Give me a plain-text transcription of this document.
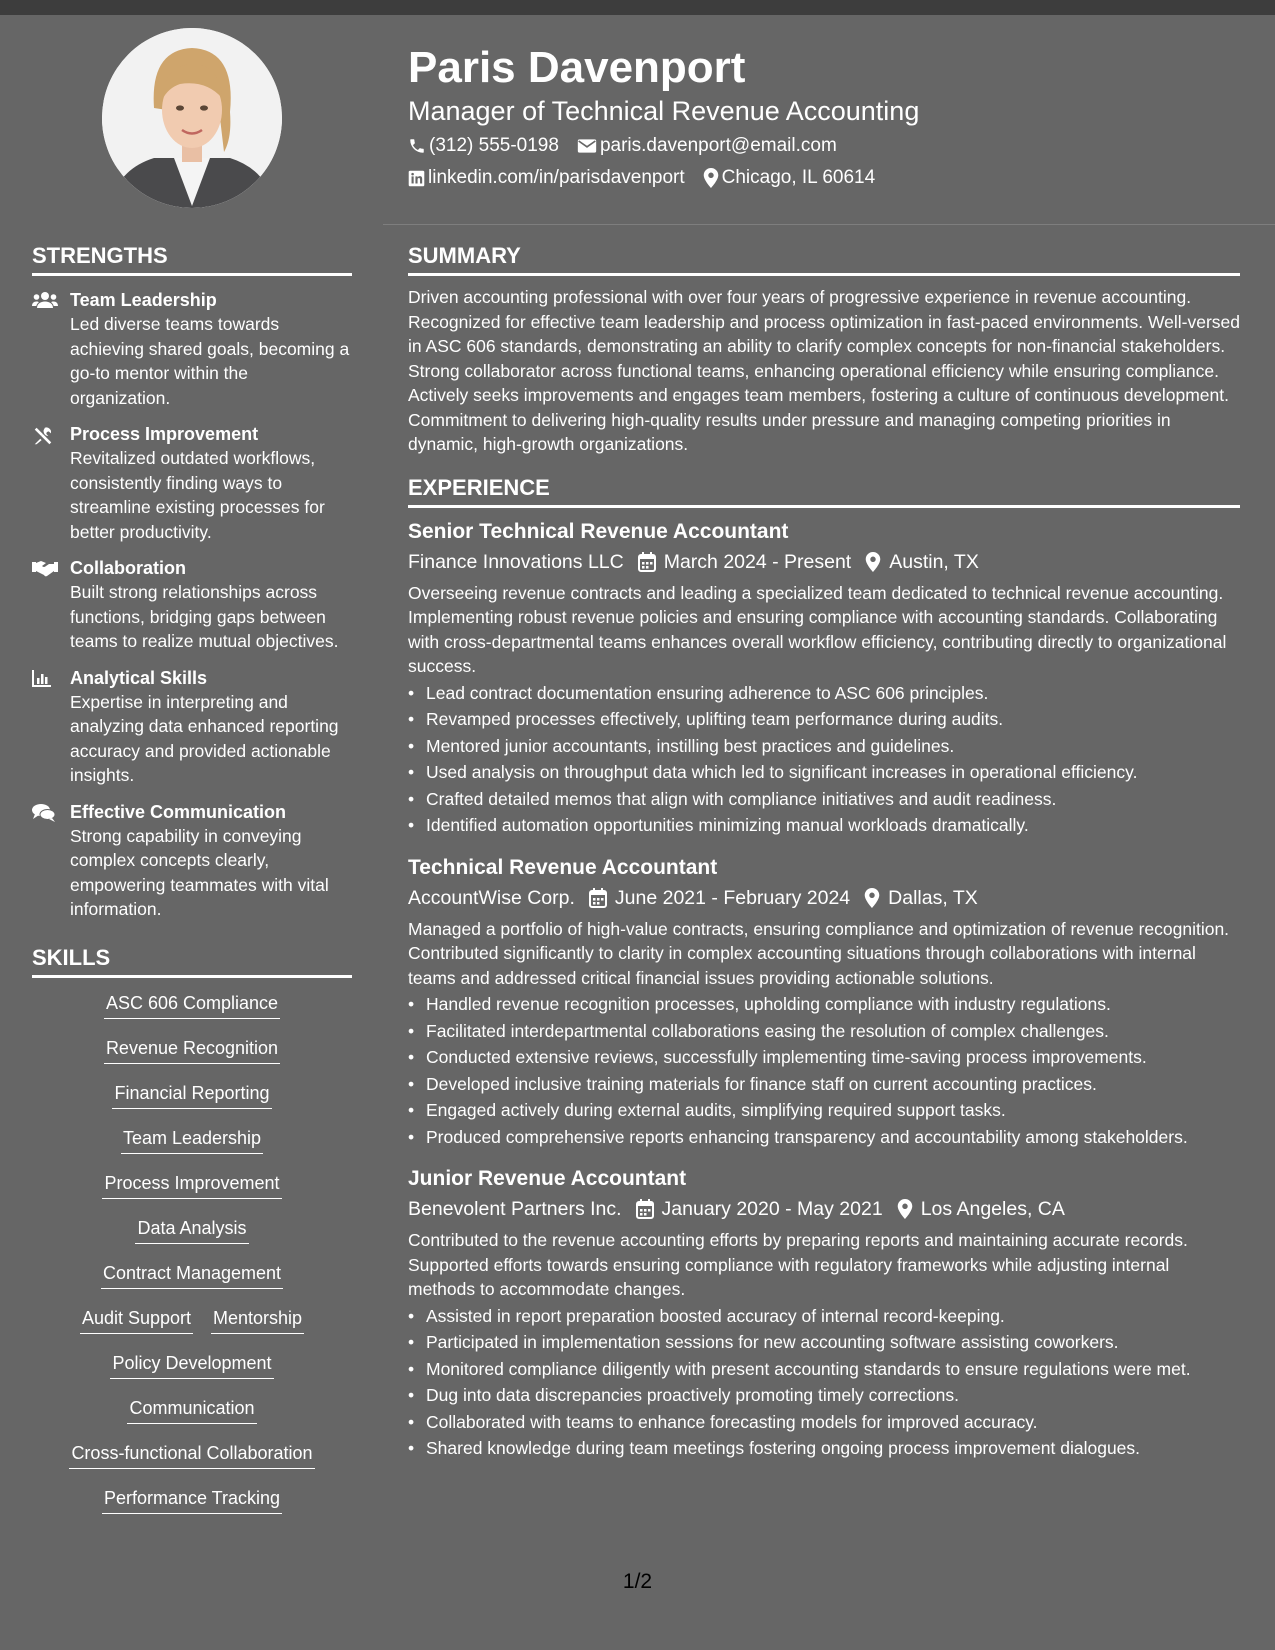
Paris Davenport
Manager of Technical Revenue Accounting
(312) 555-0198 paris.davenport@email.com
linkedin.com/in/parisdavenport Chicago, IL 60614
STRENGTHS
Team Leadership
Led diverse teams towards achieving shared goals, becoming a go-to mentor within the organization.
Process Improvement
Revitalized outdated workflows, consistently finding ways to streamline existing processes for better productivity.
Collaboration
Built strong relationships across functions, bridging gaps between teams to realize mutual objectives.
Analytical Skills
Expertise in interpreting and analyzing data enhanced reporting accuracy and provided actionable insights.
Effective Communication
Strong capability in conveying complex concepts clearly, empowering teammates with vital information.
SKILLS
ASC 606 Compliance
Revenue Recognition
Financial Reporting
Team Leadership
Process Improvement
Data Analysis
Contract Management
Audit Support Mentorship
Policy Development
Communication
Cross-functional Collaboration
Performance Tracking
SUMMARY
Driven accounting professional with over four years of progressive experience in revenue accounting. Recognized for effective team leadership and process optimization in fast-paced environments. Well-versed in ASC 606 standards, demonstrating an ability to clarify complex concepts for non-financial stakeholders. Strong collaborator across functional teams, enhancing operational efficiency while ensuring compliance. Actively seeks improvements and engages team members, fostering a culture of continuous development. Commitment to delivering high-quality results under pressure and managing competing priorities in dynamic, high-growth organizations.
EXPERIENCE
Senior Technical Revenue Accountant
Finance Innovations LLC March 2024 - Present Austin, TX
Overseeing revenue contracts and leading a specialized team dedicated to technical revenue accounting. Implementing robust revenue policies and ensuring compliance with accounting standards. Collaborating with cross-departmental teams enhances overall workflow efficiency, contributing directly to organizational success.
• Lead contract documentation ensuring adherence to ASC 606 principles.
• Revamped processes effectively, uplifting team performance during audits.
• Mentored junior accountants, instilling best practices and guidelines.
• Used analysis on throughput data which led to significant increases in operational efficiency.
• Crafted detailed memos that align with compliance initiatives and audit readiness.
• Identified automation opportunities minimizing manual workloads dramatically.
Technical Revenue Accountant
AccountWise Corp. June 2021 - February 2024 Dallas, TX
Managed a portfolio of high-value contracts, ensuring compliance and optimization of revenue recognition. Contributed significantly to clarity in complex accounting situations through collaborations with internal teams and addressed critical financial issues providing actionable solutions.
• Handled revenue recognition processes, upholding compliance with industry regulations.
• Facilitated interdepartmental collaborations easing the resolution of complex challenges.
• Conducted extensive reviews, successfully implementing time-saving process improvements.
• Developed inclusive training materials for finance staff on current accounting practices.
• Engaged actively during external audits, simplifying required support tasks.
• Produced comprehensive reports enhancing transparency and accountability among stakeholders.
Junior Revenue Accountant
Benevolent Partners Inc. January 2020 - May 2021 Los Angeles, CA
Contributed to the revenue accounting efforts by preparing reports and maintaining accurate records. Supported efforts towards ensuring compliance with regulatory frameworks while adjusting internal methods to accommodate changes.
• Assisted in report preparation boosted accuracy of internal record-keeping.
• Participated in implementation sessions for new accounting software assisting coworkers.
• Monitored compliance diligently with present accounting standards to ensure regulations were met.
• Dug into data discrepancies proactively promoting timely corrections.
• Collaborated with teams to enhance forecasting models for improved accuracy.
• Shared knowledge during team meetings fostering ongoing process improvement dialogues.
1/2
